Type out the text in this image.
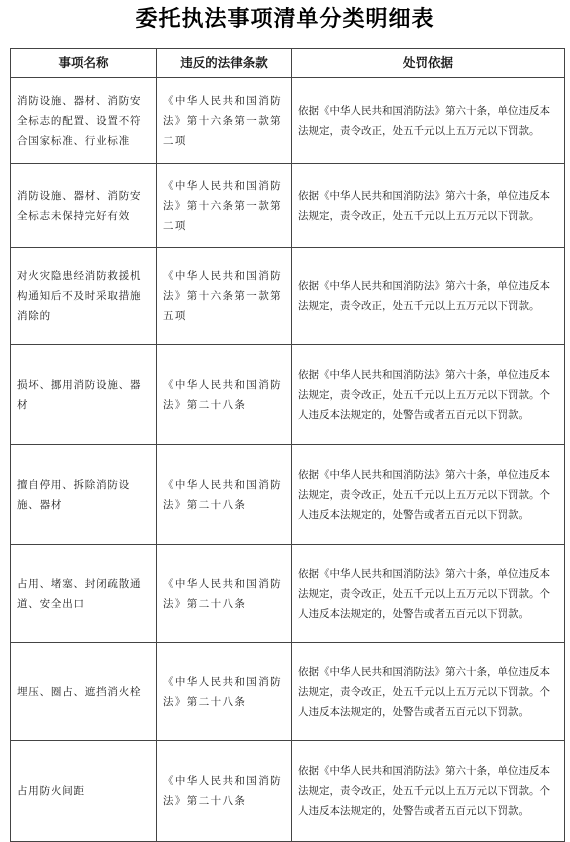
委托执法事项清单分类明细表
事项名称	违反的法律条款	处罚依据
消防设施、器材、消防安全标志的配置、设置不符合国家标准、行业标准	《中华人民共和国消防法》第十六条第一款第二项	依据《中华人民共和国消防法》第六十条，单位违反本法规定，责令改正，处五千元以上五万元以下罚款。
消防设施、器材、消防安全标志未保持完好有效	《中华人民共和国消防法》第十六条第一款第二项	依据《中华人民共和国消防法》第六十条，单位违反本法规定，责令改正，处五千元以上五万元以下罚款。
对火灾隐患经消防救援机构通知后不及时采取措施消除的	《中华人民共和国消防法》第十六条第一款第五项	依据《中华人民共和国消防法》第六十条，单位违反本法规定，责令改正，处五千元以上五万元以下罚款。
损坏、挪用消防设施、器材	《中华人民共和国消防法》第二十八条	依据《中华人民共和国消防法》第六十条，单位违反本法规定，责令改正，处五千元以上五万元以下罚款。个人违反本法规定的，处警告或者五百元以下罚款。
擅自停用、拆除消防设施、器材	《中华人民共和国消防法》第二十八条	依据《中华人民共和国消防法》第六十条，单位违反本法规定，责令改正，处五千元以上五万元以下罚款。个人违反本法规定的，处警告或者五百元以下罚款。
占用、堵塞、封闭疏散通道、安全出口	《中华人民共和国消防法》第二十八条	依据《中华人民共和国消防法》第六十条，单位违反本法规定，责令改正，处五千元以上五万元以下罚款。个人违反本法规定的，处警告或者五百元以下罚款。
埋压、圈占、遮挡消火栓	《中华人民共和国消防法》第二十八条	依据《中华人民共和国消防法》第六十条，单位违反本法规定，责令改正，处五千元以上五万元以下罚款。个人违反本法规定的，处警告或者五百元以下罚款。
占用防火间距	《中华人民共和国消防法》第二十八条	依据《中华人民共和国消防法》第六十条，单位违反本法规定，责令改正，处五千元以上五万元以下罚款。个人违反本法规定的，处警告或者五百元以下罚款。
